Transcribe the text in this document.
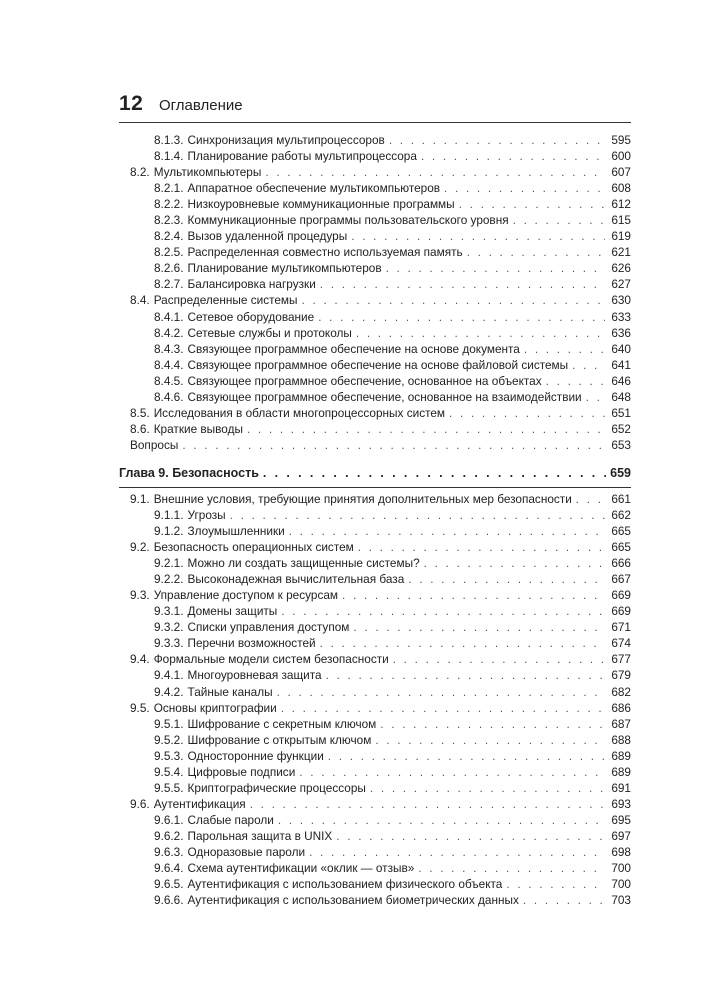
12 Оглавление
8.1.3. Синхронизация мультипроцессоров . . .	595
8.1.4. Планирование работы мультипроцессора . . .	600
8.2. Мультикомпьютеры . . .	607
8.2.1. Аппаратное обеспечение мультикомпьютеров . . .	608
8.2.2. Низкоуровневые коммуникационные программы . . .	612
8.2.3. Коммуникационные программы пользовательского уровня . . .	615
8.2.4. Вызов удаленной процедуры . . .	619
8.2.5. Распределенная совместно используемая память . . .	621
8.2.6. Планирование мультикомпьютеров . . .	626
8.2.7. Балансировка нагрузки . . .	627
8.4. Распределенные системы . . .	630
8.4.1. Сетевое оборудование . . .	633
8.4.2. Сетевые службы и протоколы . . .	636
8.4.3. Связующее программное обеспечение на основе документа . . .	640
8.4.4. Связующее программное обеспечение на основе файловой системы . . .	641
8.4.5. Связующее программное обеспечение, основанное на объектах . . .	646
8.4.6. Связующее программное обеспечение, основанное на взаимодействии . . .	648
8.5. Исследования в области многопроцессорных систем . . .	651
8.6. Краткие выводы . . .	652
Вопросы . . .	653
Глава 9. Безопасность . . .	659
9.1. Внешние условия, требующие принятия дополнительных мер безопасности . . .	661
9.1.1. Угрозы . . .	662
9.1.2. Злоумышленники . . .	665
9.2. Безопасность операционных систем . . .	665
9.2.1. Можно ли создать защищенные системы? . . .	666
9.2.2. Высоконадежная вычислительная база . . .	667
9.3. Управление доступом к ресурсам . . .	669
9.3.1. Домены защиты . . .	669
9.3.2. Списки управления доступом . . .	671
9.3.3. Перечни возможностей . . .	674
9.4. Формальные модели систем безопасности . . .	677
9.4.1. Многоуровневая защита . . .	679
9.4.2. Тайные каналы . . .	682
9.5. Основы криптографии . . .	686
9.5.1. Шифрование с секретным ключом . . .	687
9.5.2. Шифрование с открытым ключом . . .	688
9.5.3. Односторонние функции . . .	689
9.5.4. Цифровые подписи . . .	689
9.5.5. Криптографические процессоры . . .	691
9.6. Аутентификация . . .	693
9.6.1. Слабые пароли . . .	695
9.6.2. Парольная защита в UNIX . . .	697
9.6.3. Одноразовые пароли . . .	698
9.6.4. Схема аутентификации «оклик — отзыв» . . .	700
9.6.5. Аутентификация с использованием физического объекта . . .	700
9.6.6. Аутентификация с использованием биометрических данных . . .	703
